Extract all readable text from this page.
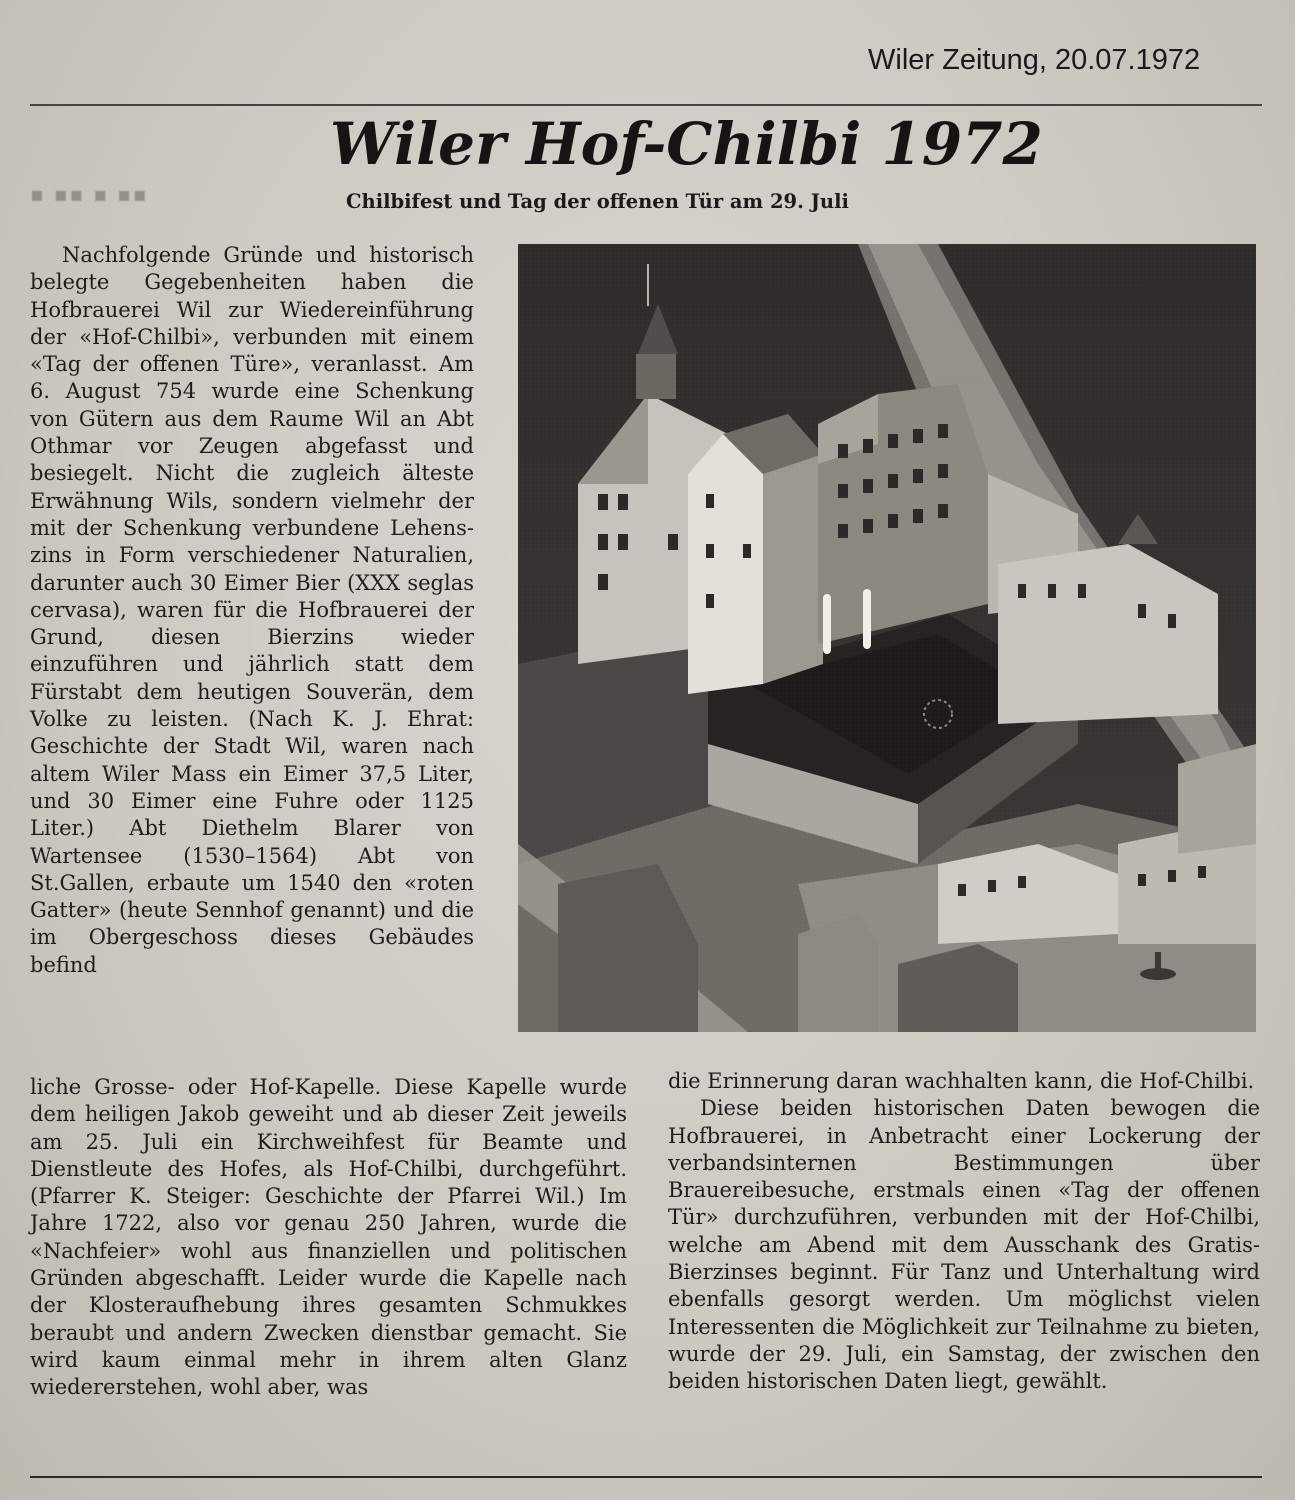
Wiler Zeitung, 20.07.1972
▪ ▪▪ ▪ ▪▪
Wiler Hof-Chilbi 1972
Chilbifest und Tag der offenen Tür am 29. Juli

Nachfolgende Gründe und historisch belegte Gegebenheiten haben die Hofbrauerei Wil zur Wiedereinführung der «Hof-Chilbi», verbunden mit einem «Tag der offenen Türe», veranlasst. Am 6. August 754 wurde eine Schenkung von Gütern aus dem Raume Wil an Abt Othmar vor Zeugen abgefasst und besiegelt. Nicht die zugleich älteste Erwähnung Wils, sondern vielmehr der mit der Schenkung verbundene Lehenszins in Form verschiedener Naturalien, darunter auch 30 Eimer Bier (XXX seglas cervasa), waren für die Hofbrauerei der Grund, diesen Bierzins wieder einzuführen und jährlich statt dem Fürstabt dem heutigen Souverän, dem Volke zu leisten. (Nach K. J. Ehrat: Geschichte der Stadt Wil, waren nach altem Wiler Mass ein Eimer 37,5 Liter, und 30 Eimer eine Fuhre oder 1125 Liter.) Abt Diethelm Blarer von Wartensee (1530–1564) Abt von St.Gallen, erbaute um 1540 den «roten Gatter» (heute Sennhof genannt) und die im Obergeschoss dieses Gebäudes befind

liche Grosse- oder Hof-Kapelle. Diese Kapelle wurde dem heiligen Jakob geweiht und ab dieser Zeit jeweils am 25. Juli ein Kirchweihfest für Beamte und Dienstleute des Hofes, als Hof-Chilbi, durchgeführt. (Pfarrer K. Steiger: Geschichte der Pfarrei Wil.) Im Jahre 1722, also vor genau 250 Jahren, wurde die «Nachfeier» wohl aus finanziellen und politischen Gründen abgeschafft. Leider wurde die Kapelle nach der Klosteraufhebung ihres gesamten Schmukkes beraubt und andern Zwecken dienstbar gemacht. Sie wird kaum einmal mehr in ihrem alten Glanz wiedererstehen, wohl aber, was

die Erinnerung daran wachhalten kann, die Hof-Chilbi.

Diese beiden historischen Daten bewogen die Hofbrauerei, in Anbetracht einer Lockerung der verbandsinternen Bestimmungen über Brauereibesuche, erstmals einen «Tag der offenen Tür» durchzuführen, verbunden mit der Hof-Chilbi, welche am Abend mit dem Ausschank des Gratis-Bierzinses beginnt. Für Tanz und Unterhaltung wird ebenfalls gesorgt werden. Um möglichst vielen Interessenten die Möglichkeit zur Teilnahme zu bieten, wurde der 29. Juli, ein Samstag, der zwischen den beiden historischen Daten liegt, gewählt.
